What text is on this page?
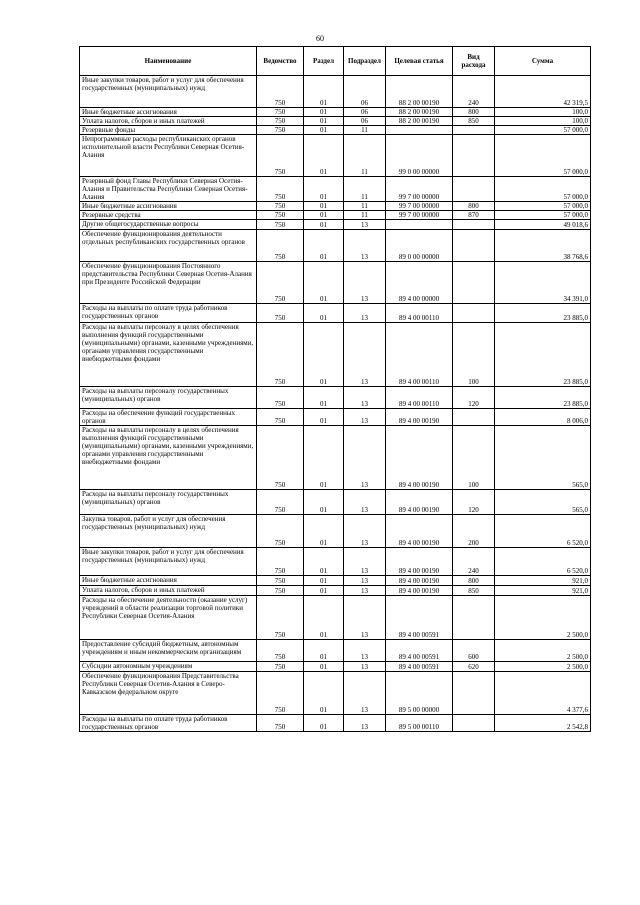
60
Наименование	Ведомство	Раздел	Подраздел	Целевая статья	Вид расхода	Сумма
Иные закупки товаров, работ и услуг для обеспечения государственных (муниципальных) нужд	750	01	06	88 2 00 00190	240	42 319,5
Иные бюджетные ассигнования	750	01	06	88 2 00 00190	800	100,0
Уплата налогов, сборов и иных платежей	750	01	06	88 2 00 00190	850	100,0
Резервные фонды	750	01	11			57 000,0
Непрограммные расходы республиканских органов исполнительной власти Республики Северная Осетия-Алания	750	01	11	99 0 00 00000		57 000,0
Резервный фонд Главы Республики Северная Осетия-Алания и Правительства Республики Северная Осетия-Алания	750	01	11	99 7 00 00000		57 000,0
Иные бюджетные ассигнования	750	01	11	99 7 00 00000	800	57 000,0
Резервные средства	750	01	11	99 7 00 00000	870	57 000,0
Другие общегосударственные вопросы	750	01	13			49 018,6
Обеспечение функционирования деятельности отдельных республиканских государственных органов	750	01	13	89 0 00 00000		38 768,6
Обеспечение функционирования Постоянного представительства Республики Северная Осетия-Алания при Президенте Российской Федерации	750	01	13	89 4 00 00000		34 391,0
Расходы на выплаты по оплате труда работников государственных органов	750	01	13	89 4 00 00110		23 885,0
Расходы на выплаты персоналу в целях обеспечения выполнения функций государственными (муниципальными) органами, казенными учреждениями, органами управления государственными внебюджетными фондами	750	01	13	89 4 00 00110	100	23 885,0
Расходы на выплаты персоналу государственных (муниципальных) органов	750	01	13	89 4 00 00110	120	23 885,0
Расходы на обеспечение функций государственных органов	750	01	13	89 4 00 00190		8 006,0
Расходы на выплаты персоналу в целях обеспечения выполнения функций государственными (муниципальными) органами, казенными учреждениями, органами управления государственными внебюджетными фондами	750	01	13	89 4 00 00190	100	565,0
Расходы на выплаты персоналу государственных (муниципальных) органов	750	01	13	89 4 00 00190	120	565,0
Закупка товаров, работ и услуг для обеспечения государственных (муниципальных) нужд	750	01	13	89 4 00 00190	200	6 520,0
Иные закупки товаров, работ и услуг для обеспечения государственных (муниципальных) нужд	750	01	13	89 4 00 00190	240	6 520,0
Иные бюджетные ассигнования	750	01	13	89 4 00 00190	800	921,0
Уплата налогов, сборов и иных платежей	750	01	13	89 4 00 00190	850	921,0
Расходы на обеспечение деятельности (оказание услуг) учреждений в области реализации торговой политики Республики Северная Осетия-Алания	750	01	13	89 4 00 00591		2 500,0
Предоставление субсидий бюджетным, автономным учреждениям и иным некоммерческим организациям	750	01	13	89 4 00 00591	600	2 500,0
Субсидии автономным учреждениям	750	01	13	89 4 00 00591	620	2 500,0
Обеспечение функционирования Представительства Республики Северная Осетия-Алания в Северо-Кавказском федеральном округе	750	01	13	89 5 00 00000		4 377,6
Расходы на выплаты по оплате труда работников государственных органов	750	01	13	89 5 00 00110		2 542,8
